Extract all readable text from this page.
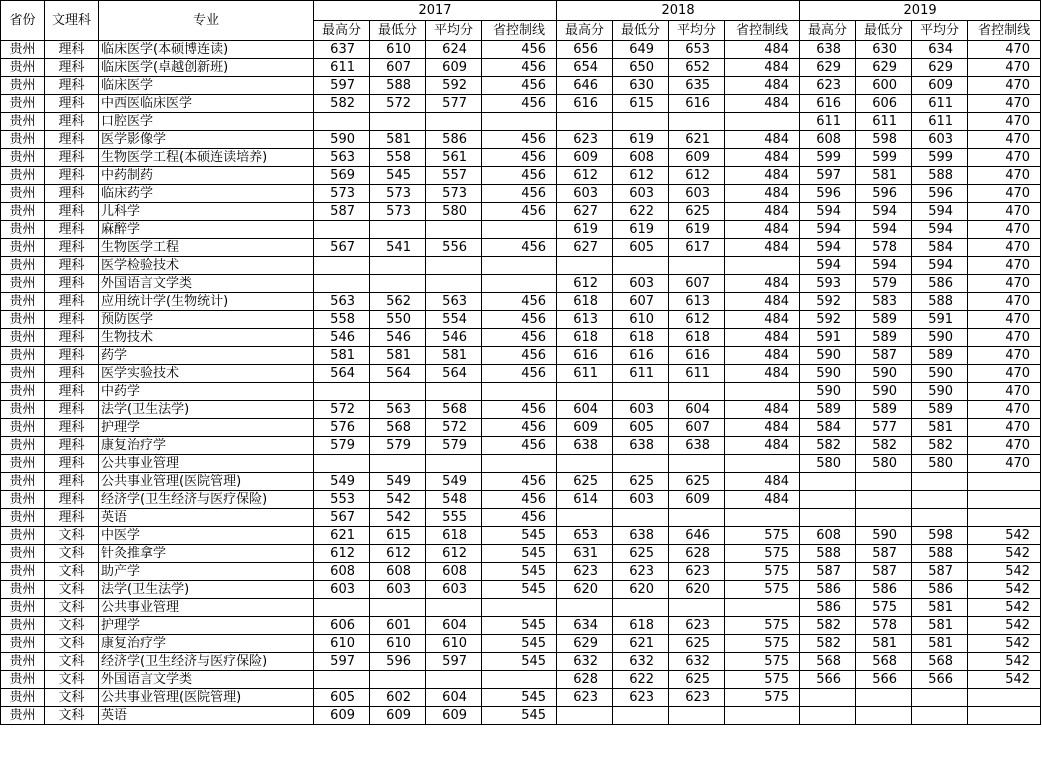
省份	文理科	专业	2017				2018				2019			
			最高分	最低分	平均分	省控制线	最高分	最低分	平均分	省控制线	最高分	最低分	平均分	省控制线
贵州	理科	临床医学(本硕博连读)	637	610	624	456	656	649	653	484	638	630	634	470
贵州	理科	临床医学(卓越创新班)	611	607	609	456	654	650	652	484	629	629	629	470
贵州	理科	临床医学	597	588	592	456	646	630	635	484	623	600	609	470
贵州	理科	中西医临床医学	582	572	577	456	616	615	616	484	616	606	611	470
贵州	理科	口腔医学									611	611	611	470
贵州	理科	医学影像学	590	581	586	456	623	619	621	484	608	598	603	470
贵州	理科	生物医学工程(本硕连读培养)	563	558	561	456	609	608	609	484	599	599	599	470
贵州	理科	中药制药	569	545	557	456	612	612	612	484	597	581	588	470
贵州	理科	临床药学	573	573	573	456	603	603	603	484	596	596	596	470
贵州	理科	儿科学	587	573	580	456	627	622	625	484	594	594	594	470
贵州	理科	麻醉学					619	619	619	484	594	594	594	470
贵州	理科	生物医学工程	567	541	556	456	627	605	617	484	594	578	584	470
贵州	理科	医学检验技术									594	594	594	470
贵州	理科	外国语言文学类					612	603	607	484	593	579	586	470
贵州	理科	应用统计学(生物统计)	563	562	563	456	618	607	613	484	592	583	588	470
贵州	理科	预防医学	558	550	554	456	613	610	612	484	592	589	591	470
贵州	理科	生物技术	546	546	546	456	618	618	618	484	591	589	590	470
贵州	理科	药学	581	581	581	456	616	616	616	484	590	587	589	470
贵州	理科	医学实验技术	564	564	564	456	611	611	611	484	590	590	590	470
贵州	理科	中药学									590	590	590	470
贵州	理科	法学(卫生法学)	572	563	568	456	604	603	604	484	589	589	589	470
贵州	理科	护理学	576	568	572	456	609	605	607	484	584	577	581	470
贵州	理科	康复治疗学	579	579	579	456	638	638	638	484	582	582	582	470
贵州	理科	公共事业管理									580	580	580	470
贵州	理科	公共事业管理(医院管理)	549	549	549	456	625	625	625	484				
贵州	理科	经济学(卫生经济与医疗保险)	553	542	548	456	614	603	609	484				
贵州	理科	英语	567	542	555	456								
贵州	文科	中医学	621	615	618	545	653	638	646	575	608	590	598	542
贵州	文科	针灸推拿学	612	612	612	545	631	625	628	575	588	587	588	542
贵州	文科	助产学	608	608	608	545	623	623	623	575	587	587	587	542
贵州	文科	法学(卫生法学)	603	603	603	545	620	620	620	575	586	586	586	542
贵州	文科	公共事业管理									586	575	581	542
贵州	文科	护理学	606	601	604	545	634	618	623	575	582	578	581	542
贵州	文科	康复治疗学	610	610	610	545	629	621	625	575	582	581	581	542
贵州	文科	经济学(卫生经济与医疗保险)	597	596	597	545	632	632	632	575	568	568	568	542
贵州	文科	外国语言文学类					628	622	625	575	566	566	566	542
贵州	文科	公共事业管理(医院管理)	605	602	604	545	623	623	623	575				
贵州	文科	英语	609	609	609	545								
